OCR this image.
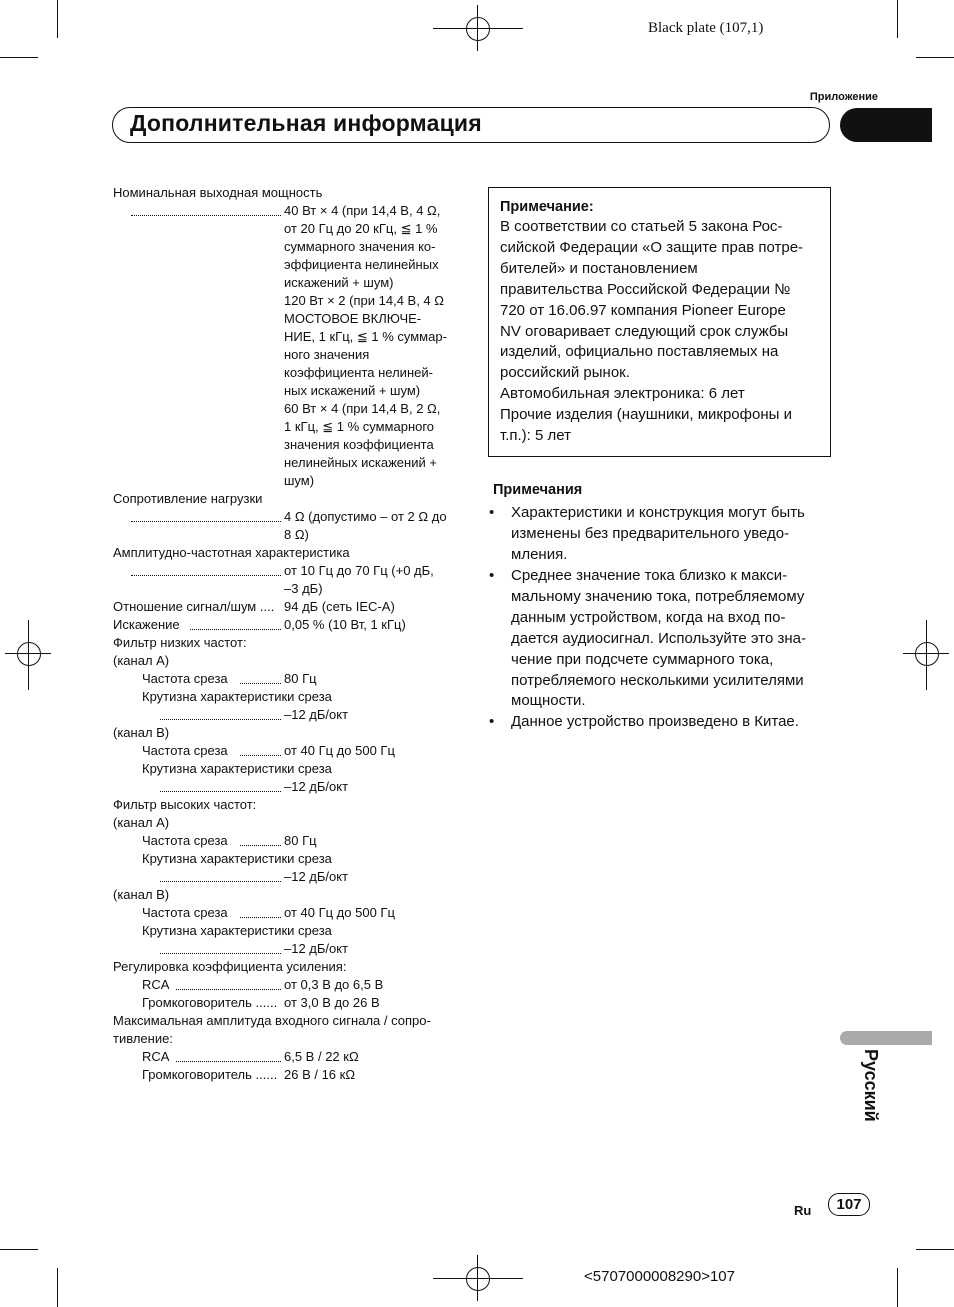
Black plate (107,1)
Приложение
Дополнительная информация
Номинальная выходная мощность
40 Вт × 4 (при 14,4 В, 4 Ω,
от 20 Гц до 20 кГц, ≦ 1 %
суммарного значения ко-
эффициента нелинейных
искажений + шум)
120 Вт × 2 (при 14,4 В, 4 Ω
МОСТОВОЕ ВКЛЮЧЕ-
НИЕ, 1 кГц, ≦ 1 % суммар-
ного значения
коэффициента нелиней-
ных искажений + шум)
60 Вт × 4 (при 14,4 В, 2 Ω,
1 кГц, ≦ 1 % суммарного
значения коэффициента
нелинейных искажений +
шум)
Сопротивление нагрузки
4 Ω (допустимо – от 2 Ω до
8 Ω)
Амплитудно-частотная характеристика
от 10 Гц до 70 Гц (+0 дБ,
–3 дБ)
Отношение сигнал/шум .... 94 дБ (сеть IEC-A)
Искажение	0,05 % (10 Вт, 1 кГц)
Фильтр низких частот:
(канал A)
Частота среза	80 Гц
Крутизна характеристики среза
–12 дБ/окт
(канал B)
Частота среза	от 40 Гц до 500 Гц
Крутизна характеристики среза
–12 дБ/окт
Фильтр высоких частот:
(канал A)
Частота среза	80 Гц
Крутизна характеристики среза
–12 дБ/окт
(канал B)
Частота среза	от 40 Гц до 500 Гц
Крутизна характеристики среза
–12 дБ/окт
Регулировка коэффициента усиления:
RCA	от 0,3 В до 6,5 В
Громкоговоритель ...... от 3,0 В до 26 В
Максимальная амплитуда входного сигнала / сопро-
тивление:
RCA	6,5 В / 22 кΩ
Громкоговоритель ...... 26 В / 16 кΩ
Примечание:
В соответствии со статьей 5 закона Рос-
сийской Федерации «О защите прав потре-
бителей» и постановлением
правительства Российской Федерации №
720 от 16.06.97 компания Pioneer Europe
NV оговаривает следующий срок службы
изделий, официально поставляемых на
российский рынок.
Автомобильная электроника: 6 лет
Прочие изделия (наушники, микрофоны и
т.п.): 5 лет
Примечания
• Характеристики и конструкция могут быть
изменены без предварительного уведо-
мления.
• Среднее значение тока близко к макси-
мальному значению тока, потребляемому
данным устройством, когда на вход по-
дается аудиосигнал. Используйте это зна-
чение при подсчете суммарного тока,
потребляемого несколькими усилителями
мощности.
• Данное устройство произведено в Китае.
Русский
Ru	107
<5707000008290>107
